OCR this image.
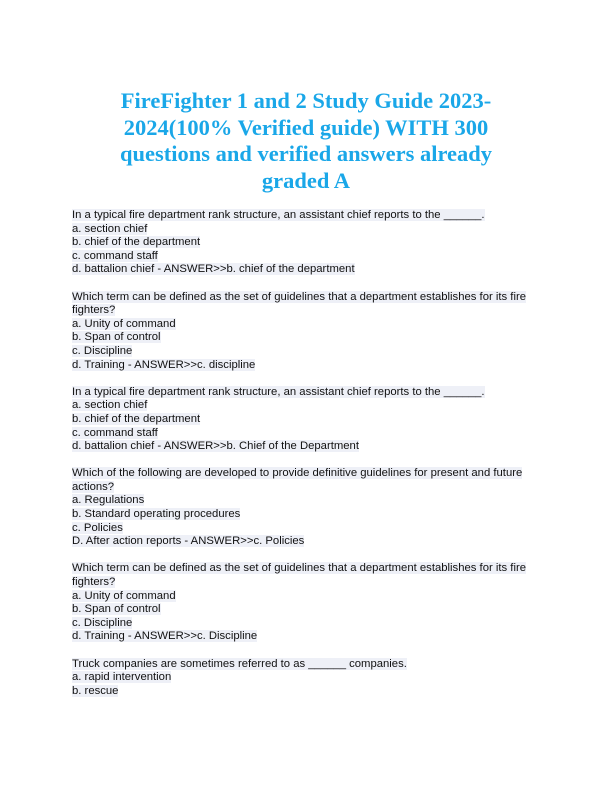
FireFighter 1 and 2 Study Guide 2023-2024(100% Verified guide) WITH 300 questions and verified answers already graded A
In a typical fire department rank structure, an assistant chief reports to the ______.
a. section chief
b. chief of the department
c. command staff
d. battalion chief - ANSWER>>b. chief of the department
Which term can be defined as the set of guidelines that a department establishes for its fire fighters?
a. Unity of command
b. Span of control
c. Discipline
d. Training - ANSWER>>c. discipline
In a typical fire department rank structure, an assistant chief reports to the ______.
a. section chief
b. chief of the department
c. command staff
d. battalion chief - ANSWER>>b. Chief of the Department
Which of the following are developed to provide definitive guidelines for present and future actions?
a. Regulations
b. Standard operating procedures
c. Policies
D. After action reports - ANSWER>>c. Policies
Which term can be defined as the set of guidelines that a department establishes for its fire fighters?
a. Unity of command
b. Span of control
c. Discipline
d. Training - ANSWER>>c. Discipline
Truck companies are sometimes referred to as ______ companies.
a. rapid intervention
b. rescue
